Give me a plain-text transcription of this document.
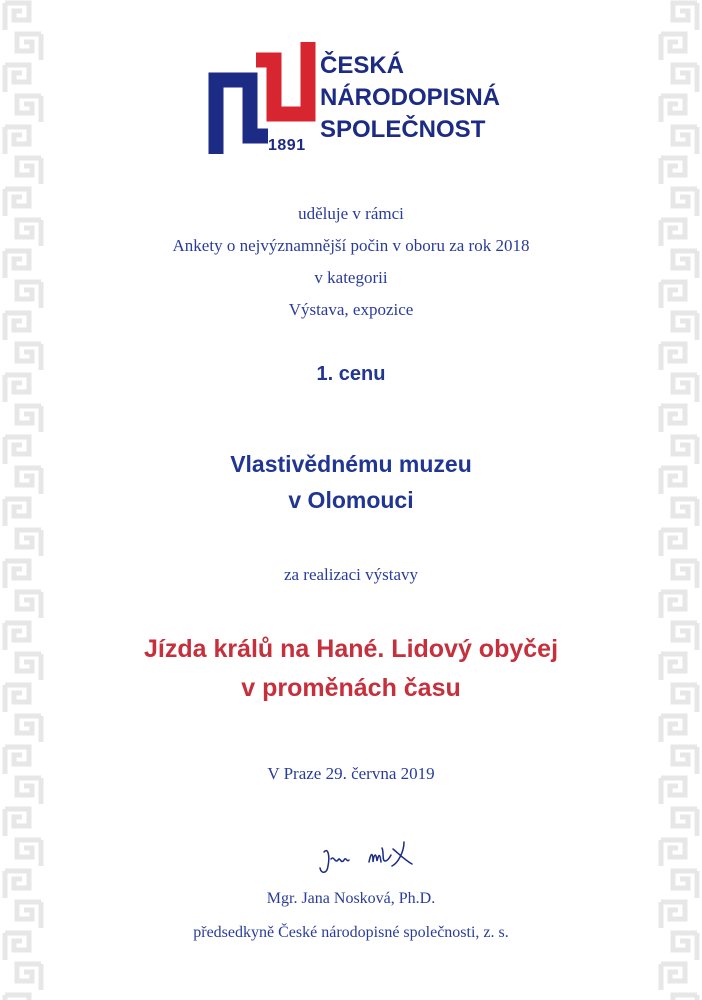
1891
ČESKÁ
NÁRODOPISNÁ
SPOLEČNOST
uděluje v rámci
Ankety o nejvýznamnější počin v oboru za rok 2018
v kategorii
Výstava, expozice
1. cenu
Vlastivědnému muzeu
v Olomouci
za realizaci výstavy
Jízda králů na Hané. Lidový obyčej
v proměnách času
V Praze 29. června 2019
Mgr. Jana Nosková, Ph.D.
předsedkyně České národopisné společnosti, z. s.
